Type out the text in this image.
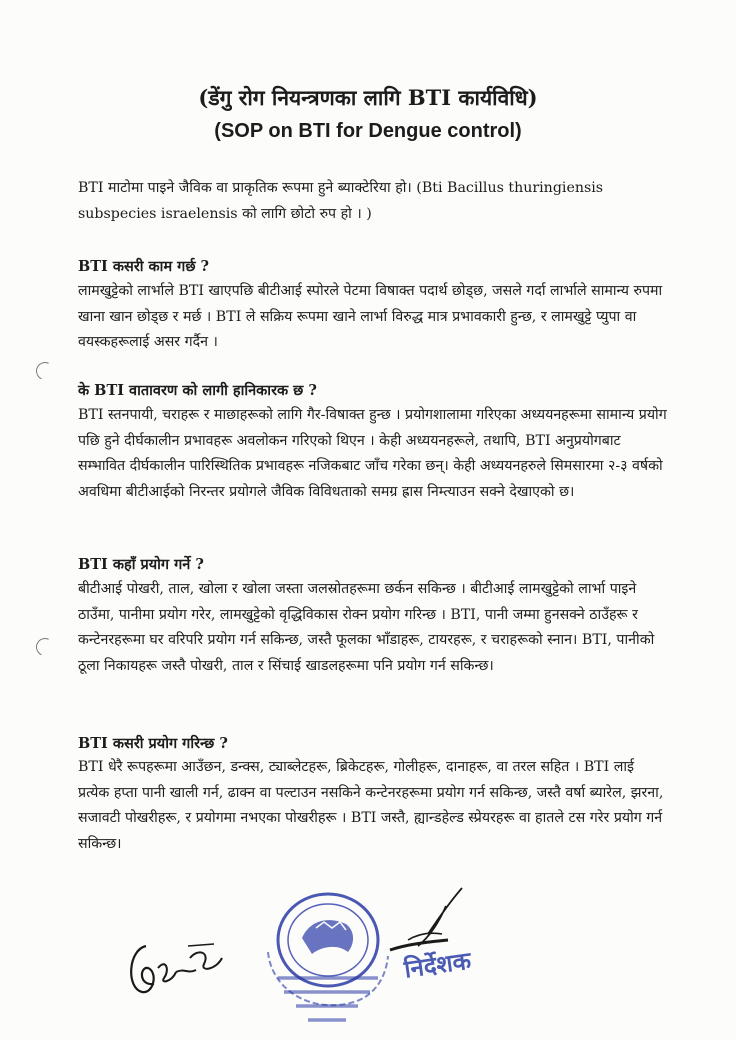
(डेंगु रोग नियन्त्रणका लागि BTI कार्यविधि)
(SOP on BTI for Dengue control)

BTI माटोमा पाइने जैविक वा प्राकृतिक रूपमा हुने ब्याक्टेरिया हो। (Bti Bacillus thuringiensis subspecies israelensis को लागि छोटो रुप हो । )

BTI कसरी काम गर्छ ?

लामखुट्टेको लार्भाले BTI खाएपछि बीटीआई स्पोरले पेटमा विषाक्त पदार्थ छोड्छ, जसले गर्दा लार्भाले सामान्य रुपमा खाना खान छोड्छ र मर्छ । BTI ले सक्रिय रूपमा खाने लार्भा विरुद्ध मात्र प्रभावकारी हुन्छ, र लामखुट्टे प्युपा वा वयस्कहरूलाई असर गर्दैन ।

के BTI वातावरण को लागी हानिकारक छ ?

BTI स्तनपायी, चराहरू र माछाहरूको लागि गैर-विषाक्त हुन्छ । प्रयोगशालामा गरिएका अध्ययनहरूमा सामान्य प्रयोग पछि हुने दीर्घकालीन प्रभावहरू अवलोकन गरिएको थिएन । केही अध्ययनहरूले, तथापि, BTI अनुप्रयोगबाट सम्भावित दीर्घकालीन पारिस्थितिक प्रभावहरू नजिकबाट जाँच गरेका छन्। केही अध्ययनहरुले सिमसारमा २-३ वर्षको अवधिमा बीटीआईको निरन्तर प्रयोगले जैविक विविधताको समग्र ह्रास निम्त्याउन सक्ने देखाएको छ।

BTI कहाँ प्रयोग गर्ने ?

बीटीआई पोखरी, ताल, खोला र खोला जस्ता जलस्रोतहरूमा छर्कन सकिन्छ । बीटीआई लामखुट्टेको लार्भा पाइने ठाउँमा, पानीमा प्रयोग गरेर, लामखुट्टेको वृद्धिविकास रोक्न प्रयोग गरिन्छ । BTI, पानी जम्मा हुनसक्ने ठाउँहरू र कन्टेनरहरूमा घर वरिपरि प्रयोग गर्न सकिन्छ, जस्तै फूलका भाँडाहरू, टायरहरू, र चराहरूको स्नान। BTI, पानीको ठूला निकायहरू जस्तै पोखरी, ताल र सिंचाई खाडलहरूमा पनि प्रयोग गर्न सकिन्छ।

BTI कसरी प्रयोग गरिन्छ ?

BTI धेरै रूपहरूमा आउँछन, डन्क्स, ट्याब्लेटहरू, ब्रिकेटहरू, गोलीहरू, दानाहरू, वा तरल सहित । BTI लाई प्रत्येक हप्ता पानी खाली गर्न, ढाक्न वा पल्टाउन नसकिने कन्टेनरहरूमा प्रयोग गर्न सकिन्छ, जस्तै वर्षा ब्यारेल, झरना, सजावटी पोखरीहरू, र प्रयोगमा नभएका पोखरीहरू । BTI जस्तै, ह्यान्डहेल्ड स्प्रेयरहरू वा हातले टस गरेर प्रयोग गर्न सकिन्छ।

निर्देशक
